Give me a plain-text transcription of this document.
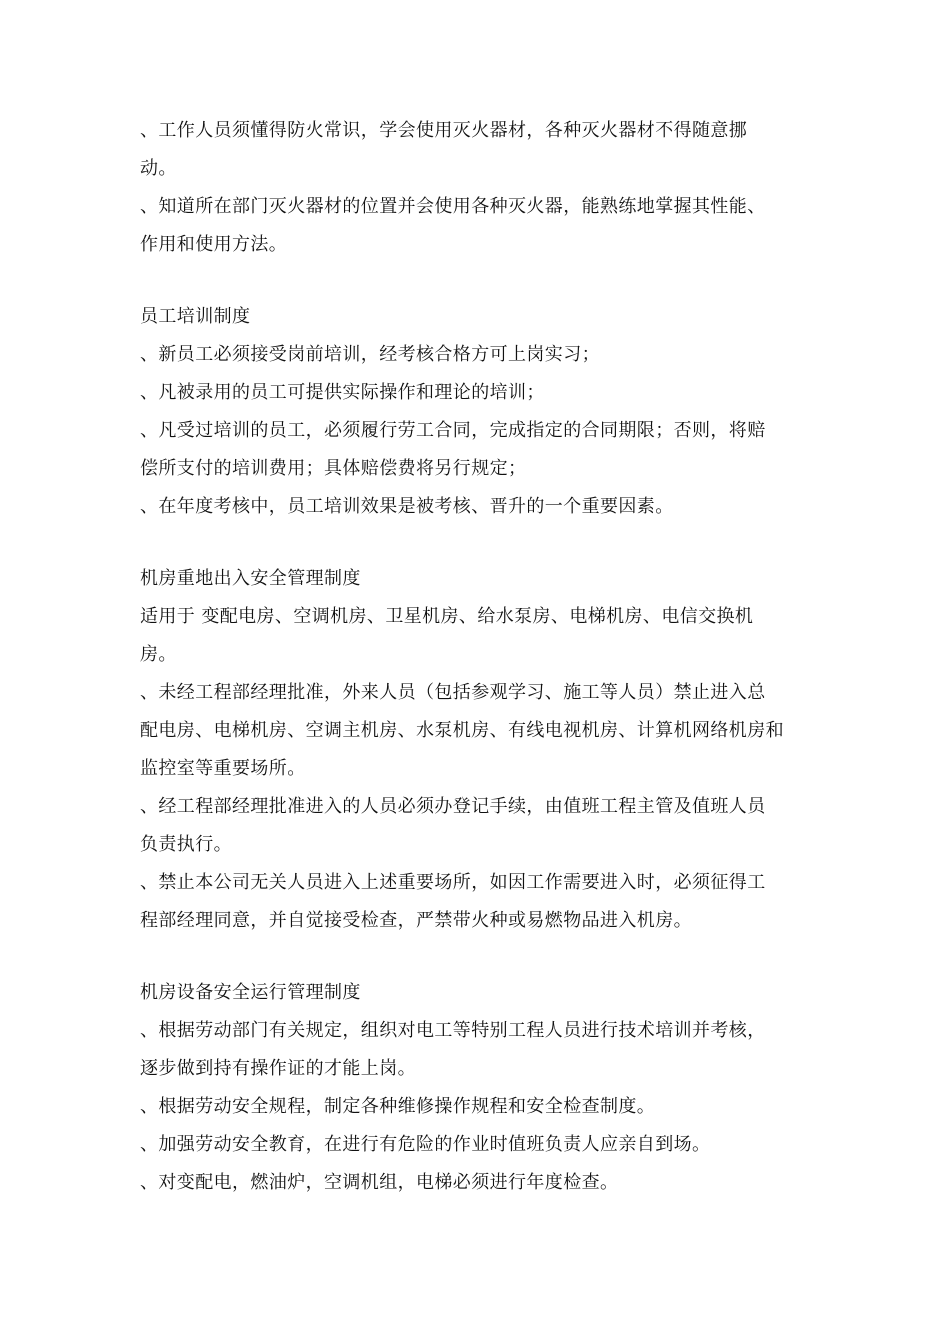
、工作人员须懂得防火常识，学会使用灭火器材，各种灭火器材不得随意挪
动。
、知道所在部门灭火器材的位置并会使用各种灭火器，能熟练地掌握其性能、
作用和使用方法。
员工培训制度
、新员工必须接受岗前培训，经考核合格方可上岗实习；
、凡被录用的员工可提供实际操作和理论的培训；
、凡受过培训的员工，必须履行劳工合同，完成指定的合同期限；否则，将赔
偿所支付的培训费用；具体赔偿费将另行规定；
、在年度考核中，员工培训效果是被考核、晋升的一个重要因素。
机房重地出入安全管理制度
适用于 变配电房、空调机房、卫星机房、给水泵房、电梯机房、电信交换机
房。
、未经工程部经理批准，外来人员（包括参观学习、施工等人员）禁止进入总
配电房、电梯机房、空调主机房、水泵机房、有线电视机房、计算机网络机房和
监控室等重要场所。
、经工程部经理批准进入的人员必须办登记手续，由值班工程主管及值班人员
负责执行。
、禁止本公司无关人员进入上述重要场所，如因工作需要进入时，必须征得工
程部经理同意，并自觉接受检查，严禁带火种或易燃物品进入机房。
机房设备安全运行管理制度
、根据劳动部门有关规定，组织对电工等特别工程人员进行技术培训并考核，
逐步做到持有操作证的才能上岗。
、根据劳动安全规程，制定各种维修操作规程和安全检查制度。
、加强劳动安全教育，在进行有危险的作业时值班负责人应亲自到场。
、对变配电，燃油炉，空调机组，电梯必须进行年度检查。
